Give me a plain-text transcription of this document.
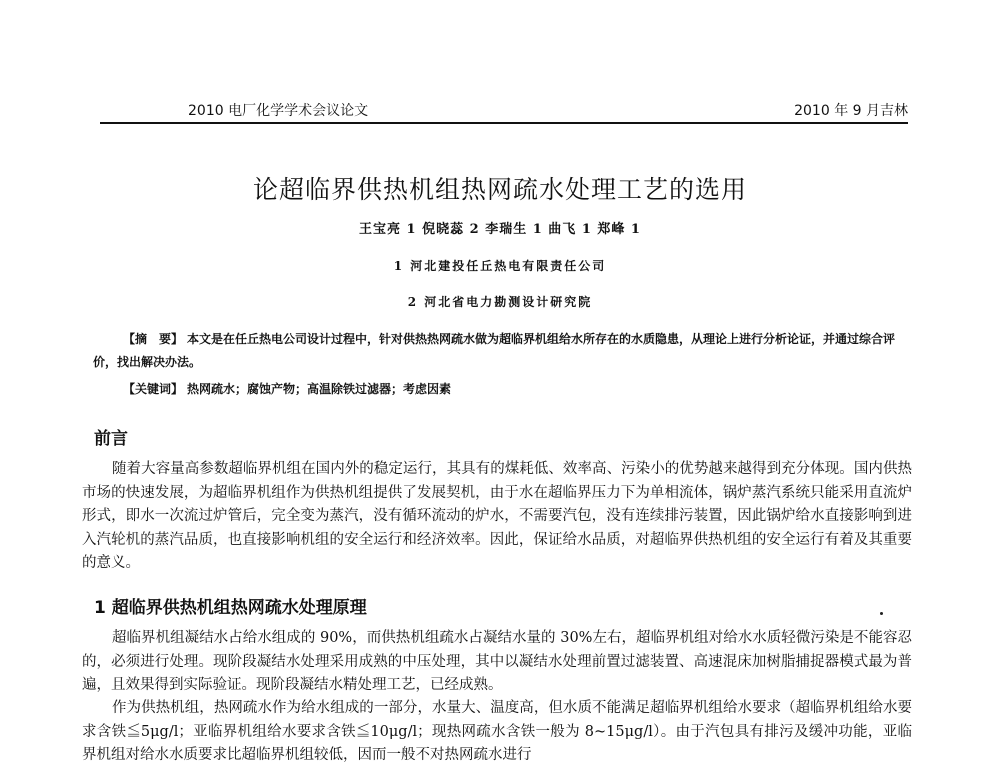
2010 电厂化学学术会议论文	2010 年 9 月吉林
论超临界供热机组热网疏水处理工艺的选用
王宝亮 1 倪晓蕊 2 李瑞生 1 曲飞 1 郑峰 1
1 河北建投任丘热电有限责任公司
2 河北省电力勘测设计研究院
【摘　要】 本文是在任丘热电公司设计过程中，针对供热热网疏水做为超临界机组给水所存在的水质隐患，从理论上进行分析论证，并通过综合评价，找出解决办法。
【关键词】 热网疏水；腐蚀产物；高温除铁过滤器；考虑因素
前言
随着大容量高参数超临界机组在国内外的稳定运行，其具有的煤耗低、效率高、污染小的优势越来越得到充分体现。国内供热市场的快速发展，为超临界机组作为供热机组提供了发展契机，由于水在超临界压力下为单相流体，锅炉蒸汽系统只能采用直流炉形式，即水一次流过炉管后，完全变为蒸汽，没有循环流动的炉水，不需要汽包，没有连续排污装置，因此锅炉给水直接影响到进入汽轮机的蒸汽品质，也直接影响机组的安全运行和经济效率。因此，保证给水品质，对超临界供热机组的安全运行有着及其重要的意义。
1 超临界供热机组热网疏水处理原理
超临界机组凝结水占给水组成的 90%，而供热机组疏水占凝结水量的 30%左右，超临界机组对给水水质轻微污染是不能容忍的，必须进行处理。现阶段凝结水处理采用成熟的中压处理，其中以凝结水处理前置过滤装置、高速混床加树脂捕捉器模式最为普遍，且效果得到实际验证。现阶段凝结水精处理工艺，已经成熟。
作为供热机组，热网疏水作为给水组成的一部分，水量大、温度高，但水质不能满足超临界机组给水要求（超临界机组给水要求含铁≦5μg/l；亚临界机组给水要求含铁≦10μg/l；现热网疏水含铁一般为 8~15μg/l）。由于汽包具有排污及缓冲功能，亚临界机组对给水水质要求比超临界机组较低，因而一般不对热网疏水进行
